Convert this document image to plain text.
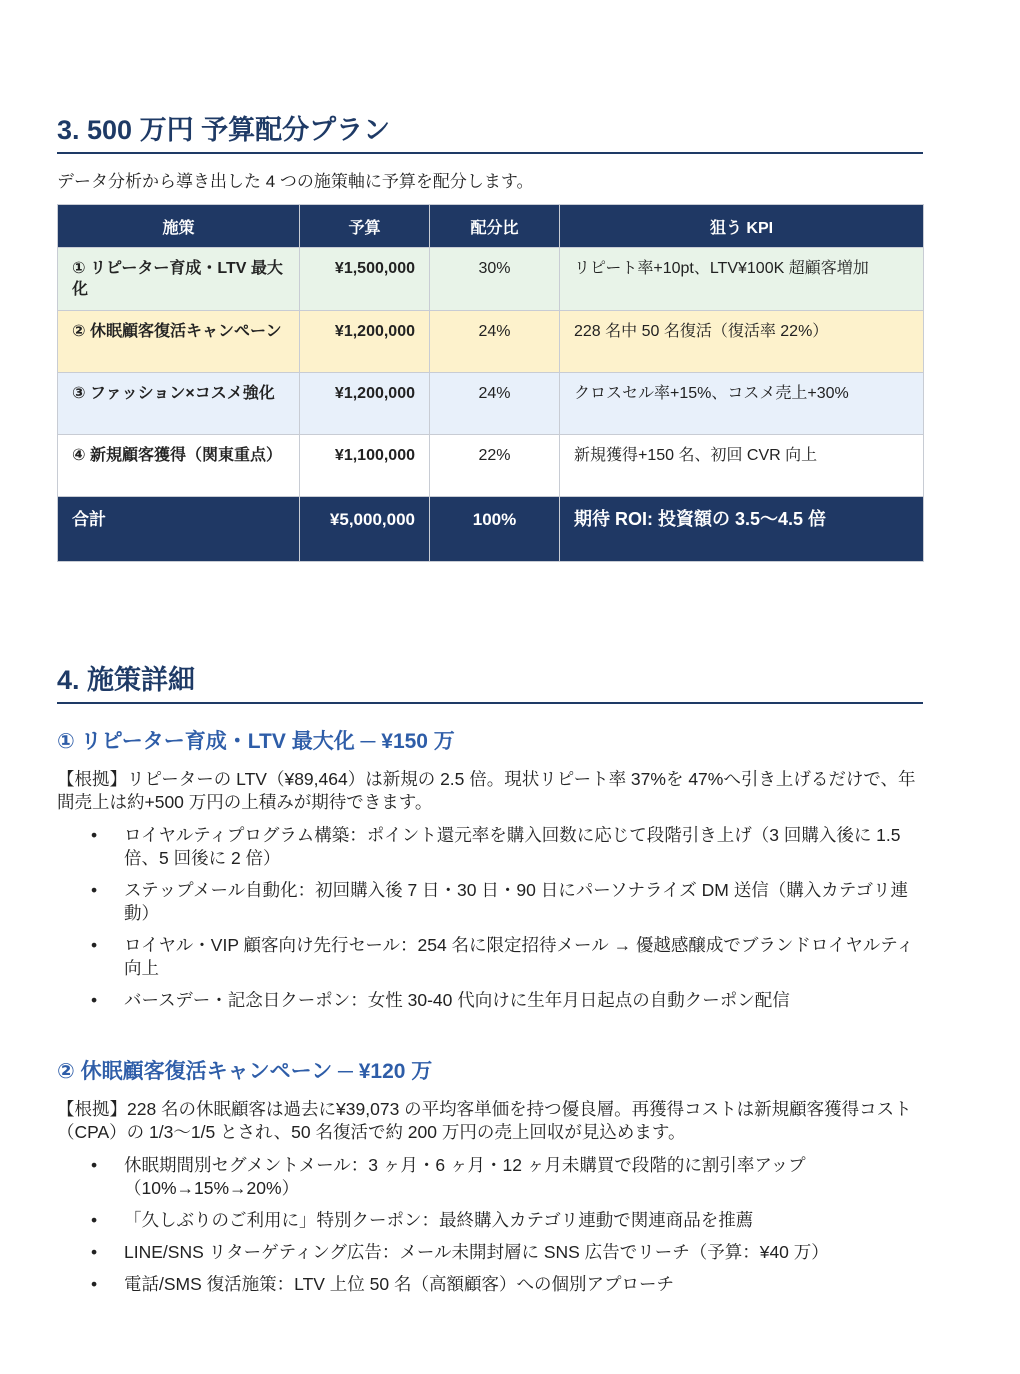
3. 500 万円 予算配分プラン

データ分析から導き出した 4 つの施策軸に予算を配分します。

施策	予算	配分比	狙う KPI
① リピーター育成・LTV 最大化	¥1,500,000	30%	リピート率+10pt、LTV¥100K 超顧客増加
② 休眠顧客復活キャンペーン	¥1,200,000	24%	228 名中 50 名復活（復活率 22%）
③ ファッション×コスメ強化	¥1,200,000	24%	クロスセル率+15%、コスメ売上+30%
④ 新規顧客獲得（関東重点）	¥1,100,000	22%	新規獲得+150 名、初回 CVR 向上
合計	¥5,000,000	100%	期待 ROI: 投資額の 3.5〜4.5 倍
4. 施策詳細
① リピーター育成・LTV 最大化 ─ ¥150 万

【根拠】リピーターの LTV（¥89,464）は新規の 2.5 倍。現状リピート率 37%を 47%へ引き上げるだけで、年間売上は約+500 万円の上積みが期待できます。

• ロイヤルティプログラム構築：ポイント還元率を購入回数に応じて段階引き上げ（3 回購入後に 1.5 倍、5 回後に 2 倍）
• ステップメール自動化：初回購入後 7 日・30 日・90 日にパーソナライズ DM 送信（購入カテゴリ連動）
• ロイヤル・VIP 顧客向け先行セール：254 名に限定招待メール → 優越感醸成でブランドロイヤルティ向上
• バースデー・記念日クーポン：女性 30-40 代向けに生年月日起点の自動クーポン配信
② 休眠顧客復活キャンペーン ─ ¥120 万

【根拠】228 名の休眠顧客は過去に¥39,073 の平均客単価を持つ優良層。再獲得コストは新規顧客獲得コスト（CPA）の 1/3〜1/5 とされ、50 名復活で約 200 万円の売上回収が見込めます。

• 休眠期間別セグメントメール：3 ヶ月・6 ヶ月・12 ヶ月未購買で段階的に割引率アップ（10%→15%→20%）
• 「久しぶりのご利用に」特別クーポン：最終購入カテゴリ連動で関連商品を推薦
• LINE/SNS リターゲティング広告：メール未開封層に SNS 広告でリーチ（予算：¥40 万）
• 電話/SMS 復活施策：LTV 上位 50 名（高額顧客）への個別アプローチ
